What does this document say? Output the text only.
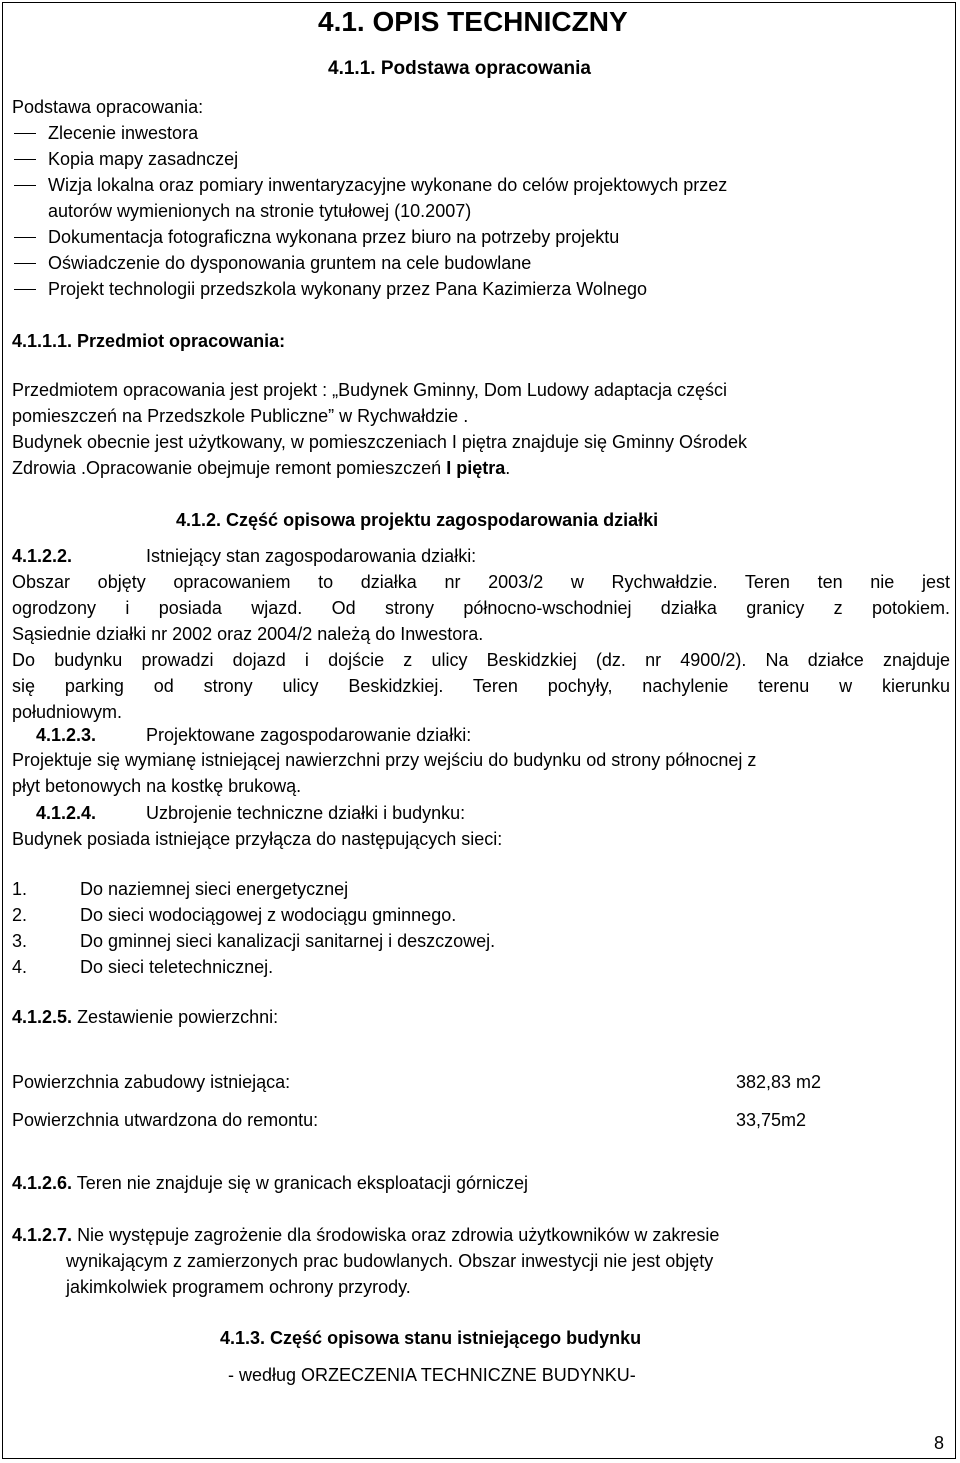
4.1. OPIS TECHNICZNY

4.1.1. Podstawa opracowania

Podstawa opracowania:

Zlecenie inwestora

Kopia mapy zasadnczej

Wizja lokalna oraz pomiary inwentaryzacyjne wykonane do celów projektowych przez

autorów wymienionych na stronie tytułowej (10.2007)

Dokumentacja fotograficzna wykonana przez biuro na potrzeby projektu

Oświadczenie do dysponowania gruntem na cele budowlane

Projekt technologii przedszkola wykonany przez Pana Kazimierza Wolnego

4.1.1.1. Przedmiot opracowania:

Przedmiotem opracowania jest projekt : „Budynek Gminny, Dom Ludowy adaptacja części

pomieszczeń na Przedszkole Publiczne” w Rychwałdzie .

Budynek obecnie jest użytkowany, w pomieszczeniach I piętra znajduje się Gminny Ośrodek

Zdrowia .Opracowanie obejmuje remont pomieszczeń I piętra.

4.1.2. Część opisowa projektu zagospodarowania działki

4.1.2.2.	Istniejący stan zagospodarowania działki:

Obszar objęty opracowaniem to działka nr 2003/2 w Rychwałdzie. Teren ten nie jest

ogrodzony i posiada wjazd. Od strony północno-wschodniej działka granicy z potokiem.

Sąsiednie działki nr 2002 oraz 2004/2 należą do Inwestora.

Do budynku prowadzi dojazd i dojście z ulicy Beskidzkiej (dz. nr 4900/2). Na działce znajduje

się parking od strony ulicy Beskidzkiej. Teren pochyły, nachylenie terenu w kierunku

południowym.

4.1.2.3.	Projektowane zagospodarowanie działki:

Projektuje się wymianę istniejącej nawierzchni przy wejściu do budynku od strony północnej z

płyt betonowych na kostkę brukową.

4.1.2.4.	Uzbrojenie techniczne działki i budynku:

Budynek posiada istniejące przyłącza do następujących sieci:

1.	Do naziemnej sieci energetycznej

2.	Do sieci wodociągowej z wodociągu gminnego.

3.	Do gminnej sieci kanalizacji sanitarnej i deszczowej.

4.	Do sieci teletechnicznej.

4.1.2.5. Zestawienie powierzchni:

Powierzchnia zabudowy istniejąca:	382,83 m2

Powierzchnia utwardzona do remontu:	33,75m2

4.1.2.6. Teren nie znajduje się w granicach eksploatacji górniczej

4.1.2.7. Nie występuje zagrożenie dla środowiska oraz zdrowia użytkowników w zakresie

wynikającym z zamierzonych prac budowlanych. Obszar inwestycji nie jest objęty

jakimkolwiek programem ochrony przyrody.

4.1.3. Część opisowa stanu istniejącego budynku

- według ORZECZENIA TECHNICZNE BUDYNKU-

8
